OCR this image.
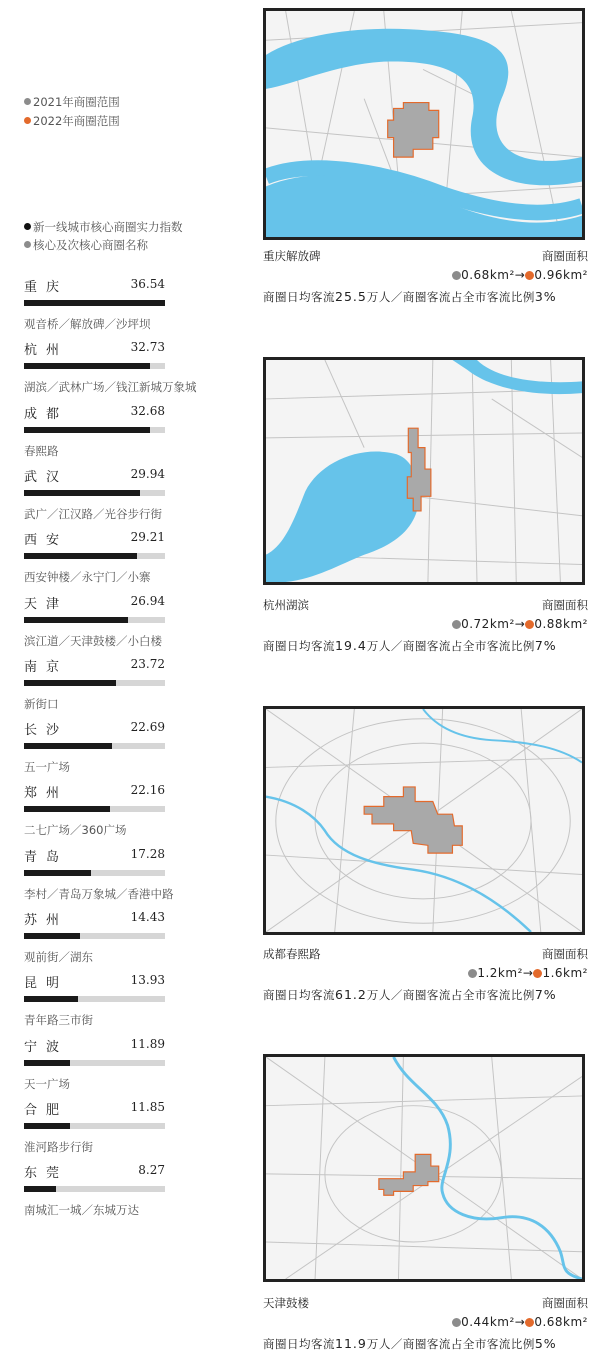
2021年商圈范围
2022年商圈范围
新一线城市核心商圈实力指数
核心及次核心商圈名称
重庆	36.54
观音桥／解放碑／沙坪坝
杭州	32.73
湖滨／武林广场／钱江新城万象城
成都	32.68
春熙路
武汉	29.94
武广／江汉路／光谷步行街
西安	29.21
西安钟楼／永宁门／小寨
天津	26.94
滨江道／天津鼓楼／小白楼
南京	23.72
新街口
长沙	22.69
五一广场
郑州	22.16
二七广场／360广场
青岛	17.28
李村／青岛万象城／香港中路
苏州	14.43
观前街／湖东
昆明	13.93
青年路三市街
宁波	11.89
天一广场
合肥	11.85
淮河路步行街
东莞	8.27
南城汇一城／东城万达
重庆解放碑	商圈面积
0.68km²→ 0.96km²
商圈日均客流25.5万人／商圈客流占全市客流比例3%
杭州湖滨	商圈面积
0.72km²→ 0.88km²
商圈日均客流19.4万人／商圈客流占全市客流比例7%
成都春熙路	商圈面积
1.2km²→ 1.6km²
商圈日均客流61.2万人／商圈客流占全市客流比例7%
天津鼓楼	商圈面积
0.44km²→ 0.68km²
商圈日均客流11.9万人／商圈客流占全市客流比例5%
